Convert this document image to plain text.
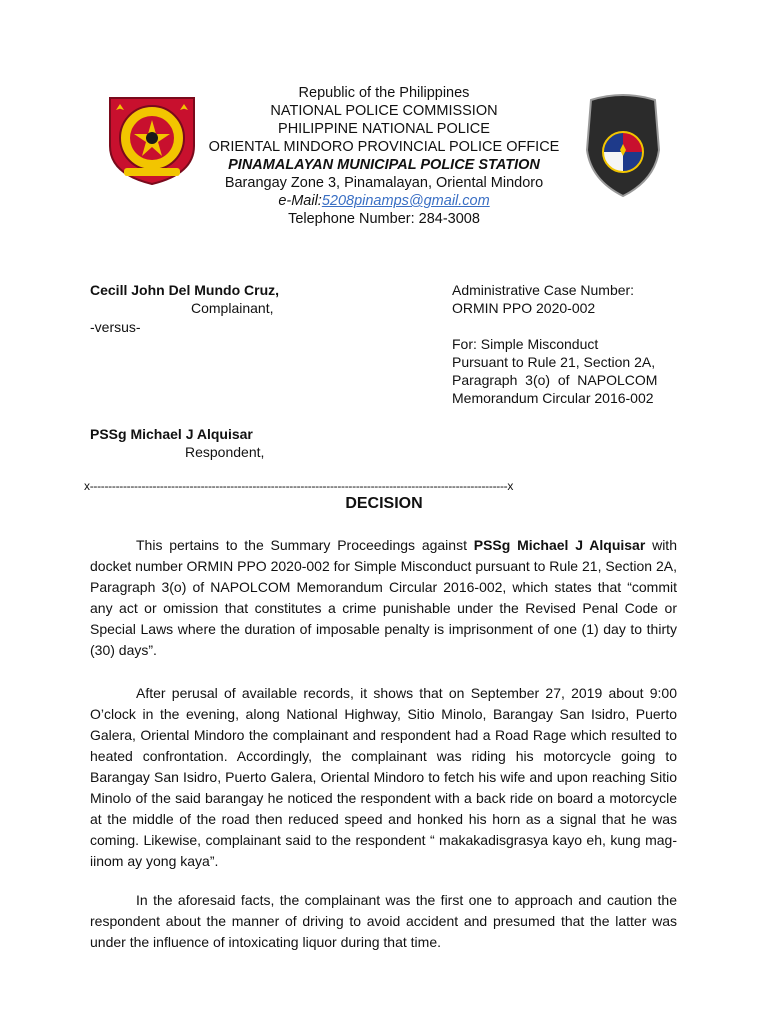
Republic of the Philippines
NATIONAL POLICE COMMISSION
PHILIPPINE NATIONAL POLICE
ORIENTAL MINDORO PROVINCIAL POLICE OFFICE
PINAMALAYAN MUNICIPAL POLICE STATION
Barangay Zone 3, Pinamalayan, Oriental Mindoro
e-Mail:5208pinamps@gmail.com
Telephone Number: 284-3008
Cecill John Del Mundo Cruz,
Complainant,
-versus-
PSSg Michael J Alquisar
Respondent,
Administrative Case Number:
ORMIN PPO 2020-002
For: Simple Misconduct
Pursuant to Rule 21, Section 2A,
Paragraph  3(o)  of  NAPOLCOM
Memorandum Circular 2016-002
x-----------------------------------------------------------------------------------------------------------------x
DECISION
This pertains to the Summary Proceedings against PSSg Michael J Alquisar with docket number ORMIN PPO 2020-002 for Simple Misconduct pursuant to Rule 21, Section 2A, Paragraph 3(o) of NAPOLCOM Memorandum Circular 2016-002, which states that “commit any act or omission that constitutes a crime punishable under the Revised Penal Code or Special Laws where the duration of imposable penalty is imprisonment of one (1) day to thirty (30) days”.
After perusal of available records, it shows that on September 27, 2019 about 9:00 O’clock in the evening, along National Highway, Sitio Minolo, Barangay San Isidro, Puerto Galera, Oriental Mindoro the complainant and respondent had a Road Rage which resulted to heated confrontation. Accordingly, the complainant was riding his motorcycle going to Barangay San Isidro, Puerto Galera, Oriental Mindoro to fetch his wife and upon reaching Sitio Minolo of the said barangay he noticed the respondent with a back ride on board a motorcycle at the middle of the road then reduced speed and honked his horn as a signal that he was coming. Likewise, complainant said to the respondent “ makakadisgrasya kayo eh, kung mag-iinom ay yong kaya”.
In the aforesaid facts, the complainant was the first one to approach and caution the respondent about the manner of driving to avoid accident and presumed that the latter was under the influence of intoxicating liquor during that time.
